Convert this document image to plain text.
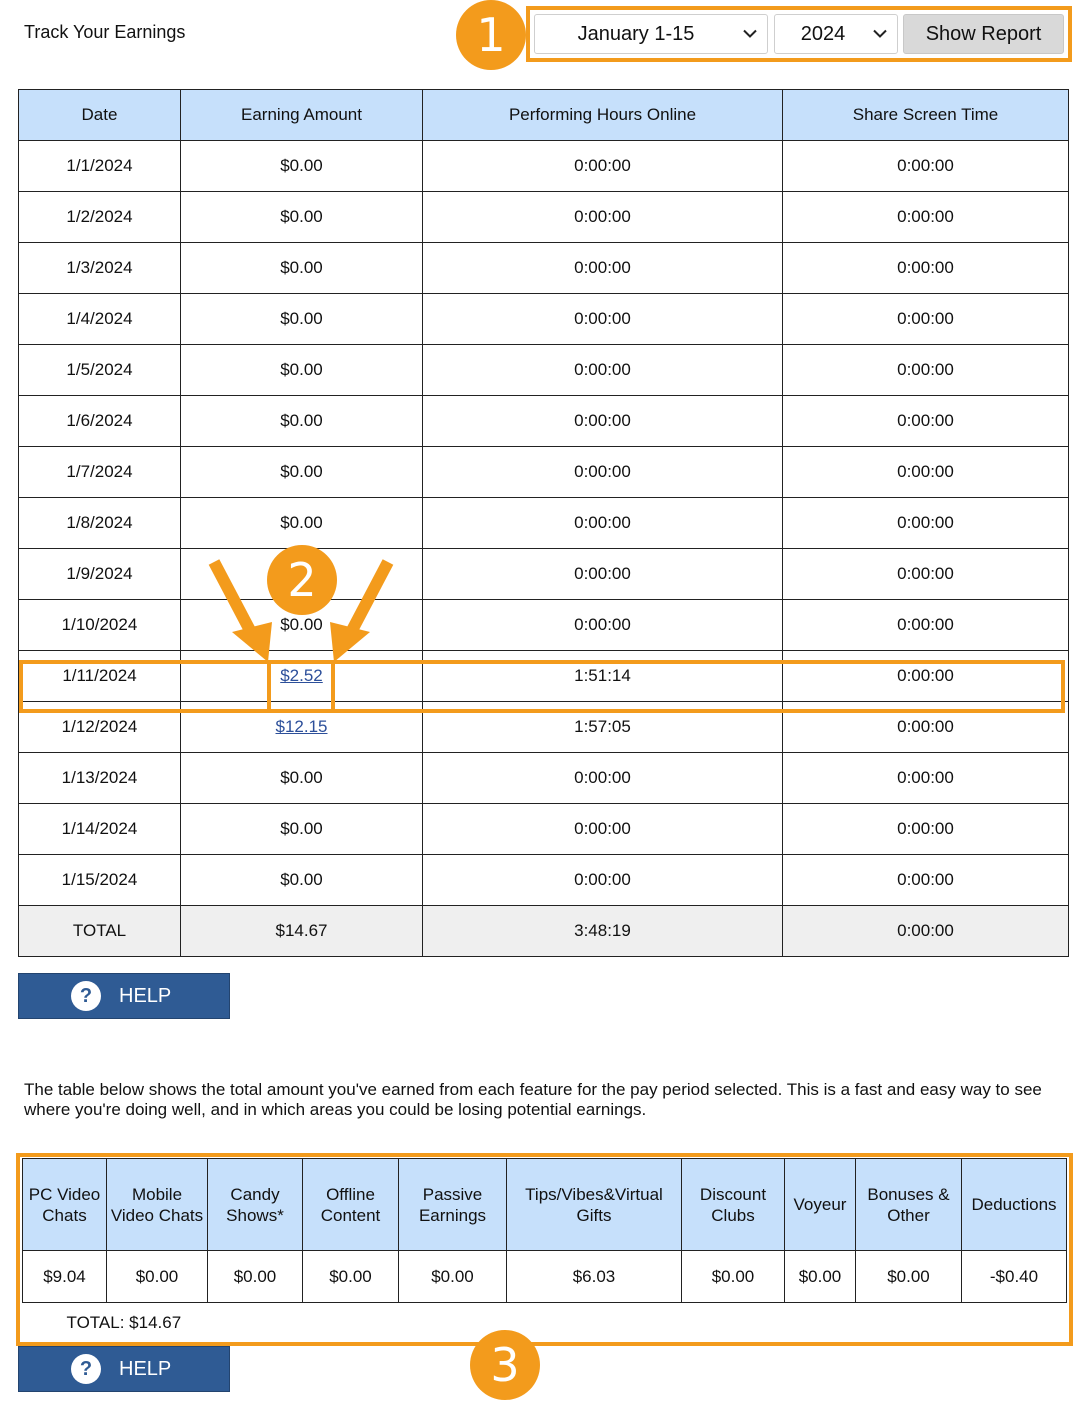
Track Your Earnings	1	January 1-15	2024	Show Report
Date	Earning Amount	Performing Hours Online	Share Screen Time
1/1/2024	$0.00	0:00:00	0:00:00
1/2/2024	$0.00	0:00:00	0:00:00
1/3/2024	$0.00	0:00:00	0:00:00
1/4/2024	$0.00	0:00:00	0:00:00
1/5/2024	$0.00	0:00:00	0:00:00
1/6/2024	$0.00	0:00:00	0:00:00
1/7/2024	$0.00	0:00:00	0:00:00
1/8/2024	$0.00	0:00:00	0:00:00
1/9/2024		0:00:00	0:00:00
1/10/2024	$0.00	0:00:00	0:00:00
1/11/2024	$2.52	1:51:14	0:00:00
1/12/2024	$12.15	1:57:05	0:00:00
1/13/2024	$0.00	0:00:00	0:00:00
1/14/2024	$0.00	0:00:00	0:00:00
1/15/2024	$0.00	0:00:00	0:00:00
TOTAL	$14.67	3:48:19	0:00:00
2
?	HELP
The table below shows the total amount you've earned from each feature for the pay period selected. This is a fast and easy way to see where you're doing well, and in which areas you could be losing potential earnings.
PC Video Chats	Mobile Video Chats	Candy Shows*	Offline Content	Passive Earnings	Tips/Vibes&Virtual Gifts	Discount Clubs	Voyeur	Bonuses & Other	Deductions
$9.04	$0.00	$0.00	$0.00	$0.00	$6.03	$0.00	$0.00	$0.00	-$0.40
TOTAL: $14.67									
?	HELP	3
